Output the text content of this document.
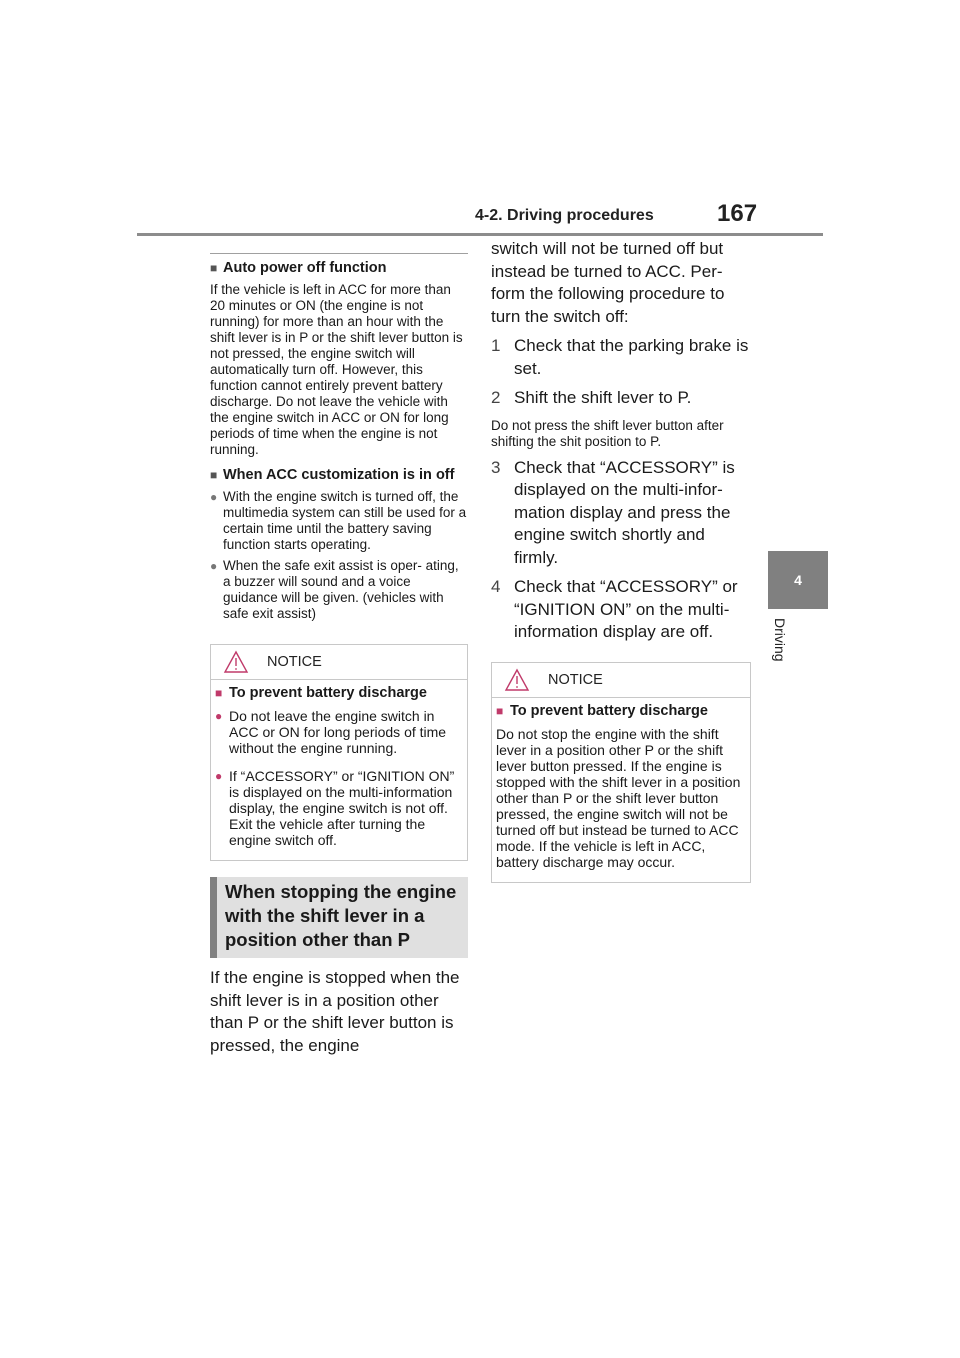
4-2. Driving procedures	167
4
Driving
■ Auto power off function
If the vehicle is left in ACC for more than 20 minutes or ON (the engine is not running) for more than an hour with the shift lever is in P or the shift lever button is not pressed, the engine switch will automatically turn off. However, this function cannot entirely prevent battery discharge. Do not leave the vehicle with the engine switch in ACC or ON for long periods of time when the engine is not running.
■ When ACC customization is in off
● With the engine switch is turned off, the multimedia system can still be used for a certain time until the battery saving function starts operating.
● When the safe exit assist is oper- ating, a buzzer will sound and a voice guidance will be given. (vehicles with safe exit assist)
NOTICE
■ To prevent battery discharge
● Do not leave the engine switch in ACC or ON for long periods of time without the engine running.
● If “ACCESSORY” or “IGNITION ON” is displayed on the multi-information display, the engine switch is not off. Exit the vehicle after turning the engine switch off.
When stopping the engine with the shift lever in a position other than P
If the engine is stopped when the shift lever is in a position other than P or the shift lever button is pressed, the engine
switch will not be turned off but instead be turned to ACC. Per- form the following procedure to turn the switch off:
1 Check that the parking brake is set.
2 Shift the shift lever to P.
Do not press the shift lever button after shifting the shit position to P.
3 Check that “ACCESSORY” is displayed on the multi-infor- mation display and press the engine switch shortly and firmly.
4 Check that “ACCESSORY” or “IGNITION ON” on the multi-information display are off.
NOTICE
■ To prevent battery discharge
Do not stop the engine with the shift lever in a position other P or the shift lever button pressed. If the engine is stopped with the shift lever in a position other than P or the shift lever button pressed, the engine switch will not be turned off but instead be turned to ACC mode. If the vehicle is left in ACC, battery discharge may occur.
